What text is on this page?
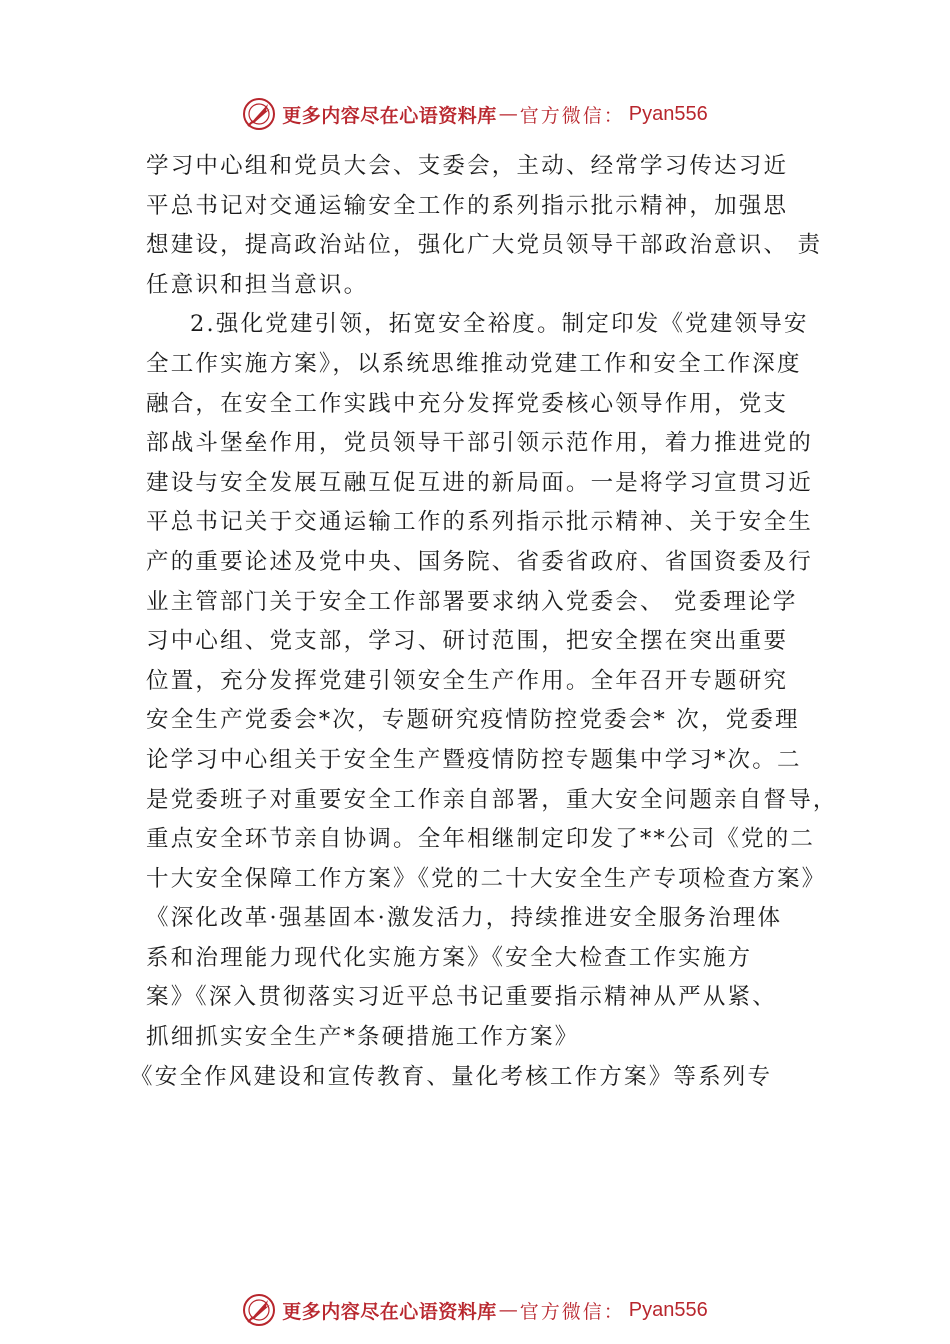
更多内容尽在心语资料库 — 官方微信： Pyan556
学习中心组和党员大会、支委会，主动、经常学习传达习近
平总书记对交通运输安全工作的系列指示批示精神，加强思
想建设，提高政治站位，强化广大党员领导干部政治意识、 责
任意识和担当意识。
2.强化党建引领，拓宽安全裕度。制定印发《党建领导安
全工作实施方案》，以系统思维推动党建工作和安全工作深度
融合，在安全工作实践中充分发挥党委核心领导作用，党支
部战斗堡垒作用，党员领导干部引领示范作用，着力推进党的
建设与安全发展互融互促互进的新局面。一是将学习宣贯习近
平总书记关于交通运输工作的系列指示批示精神、关于安全生
产的重要论述及党中央、国务院、省委省政府、省国资委及行
业主管部门关于安全工作部署要求纳入党委会、 党委理论学
习中心组、党支部，学习、研讨范围，把安全摆在突出重要
位置，充分发挥党建引领安全生产作用。全年召开专题研究
安全生产党委会*次，专题研究疫情防控党委会* 次，党委理
论学习中心组关于安全生产暨疫情防控专题集中学习*次。二
是党委班子对重要安全工作亲自部署，重大安全问题亲自督导，
重点安全环节亲自协调。全年相继制定印发了**公司《党的二
十大安全保障工作方案》《党的二十大安全生产专项检查方案》
《深化改革·强基固本·激发活力，持续推进安全服务治理体
系和治理能力现代化实施方案》《安全大检查工作实施方
案》《深入贯彻落实习近平总书记重要指示精神从严从紧、
抓细抓实安全生产*条硬措施工作方案》
《安全作风建设和宣传教育、量化考核工作方案》等系列专
更多内容尽在心语资料库 — 官方微信： Pyan556
